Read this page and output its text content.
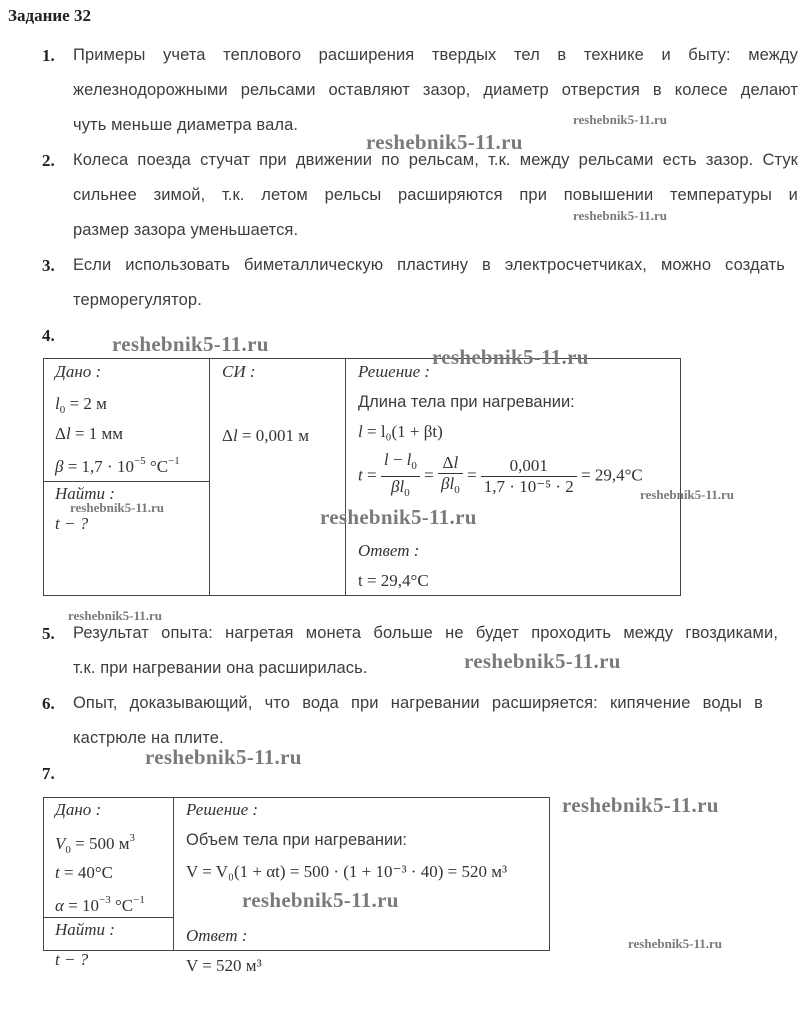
Задание 32
1. Примеры учета теплового расширения твердых тел в технике и быту: между
железнодорожными рельсами оставляют зазор, диаметр отверстия в колесе делают
чуть меньше диаметра вала.
2. Колеса поезда стучат при движении по рельсам, т.к. между рельсами есть зазор. Стук
сильнее зимой, т.к. летом рельсы расширяются при повышении температуры и
размер зазора уменьшается.
3. Если использовать биметаллическую пластину в электросчетчиках, можно создать
терморегулятор.
4.
Дано :
$l_0 = 2$ м
Δl = 1 мм
$\beta = 1,7 \cdot 10^{-5}$ $^\circ C^{-1}$
Найти :
t − ?
СИ :
Δl = 0,001 м
Решение :
Длина тела при нагревании:
l = l₀(1 + βt)
$t = \frac{l - l_0}{\beta l_0} = \frac{\Delta l}{\beta l_0} = \frac{0,001}{\text{1,7 · 10⁻⁵ · 2}} = 29,4^\circ C$
Ответ :
t = 29,4°C
5. Результат опыта: нагретая монета больше не будет проходить между гвоздиками,
т.к. при нагревании она расширилась.
6. Опыт, доказывающий, что вода при нагревании расширяется: кипячение воды в
кастрюле на плите.
7.
Дано :
$V_0 = 500$ $м^3$
t = 40°C
$\alpha = 10^{-3}$ $^\circ C^{-1}$
Найти :
t − ?
Решение :
Объем тела при нагревании:
V = V₀(1 + αt) = 500 · (1 + 10⁻³ · 40) = 520 м³
Ответ :
V = 520 м³
reshebnik5-11.ru
reshebnik5-11.ru
reshebnik5-11.ru
reshebnik5-11.ru
reshebnik5-11.ru
reshebnik5-11.ru
reshebnik5-11.ru	reshebnik5-11.ru
reshebnik5-11.ru
reshebnik5-11.ru
reshebnik5-11.ru
reshebnik5-11.ru
reshebnik5-11.ru
reshebnik5-11.ru
